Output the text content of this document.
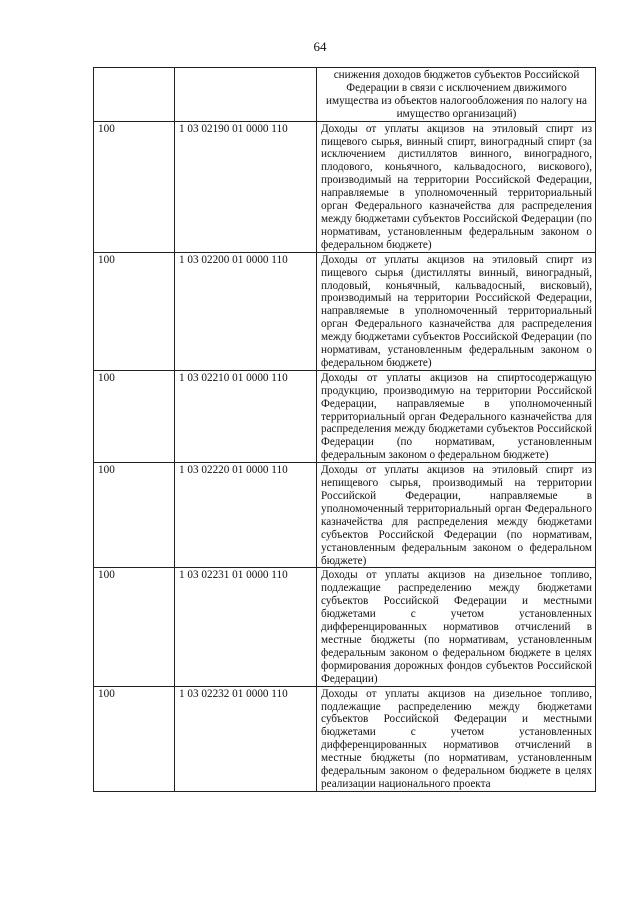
64
		снижения доходов бюджетов субъектов Российской Федерации в связи с исключением движимого имущества из объектов налогообложения по налогу на имущество организаций)
100	1 03 02190 01 0000 110	Доходы от уплаты акцизов на этиловый спирт из пищевого сырья, винный спирт, виноградный спирт (за исключением дистиллятов винного, виноградного, плодового, коньячного, кальвадосного, вискового), производимый на территории Российской Федерации, направляемые в уполномоченный территориальный орган Федерального казначейства для распределения между бюджетами субъектов Российской Федерации (по нормативам, установленным федеральным законом о федеральном бюджете)
100	1 03 02200 01 0000 110	Доходы от уплаты акцизов на этиловый спирт из пищевого сырья (дистилляты винный, виноградный, плодовый, коньячный, кальвадосный, висковый), производимый на территории Российской Федерации, направляемые в уполномоченный территориальный орган Федерального казначейства для распределения между бюджетами субъектов Российской Федерации (по нормативам, установленным федеральным законом о федеральном бюджете)
100	1 03 02210 01 0000 110	Доходы от уплаты акцизов на спиртосодержащую продукцию, производимую на территории Российской Федерации, направляемые в уполномоченный территориальный орган Федерального казначейства для распределения между бюджетами субъектов Российской Федерации (по нормативам, установленным федеральным законом о федеральном бюджете)
100	1 03 02220 01 0000 110	Доходы от уплаты акцизов на этиловый спирт из непищевого сырья, производимый на территории Российской Федерации, направляемые в уполномоченный территориальный орган Федерального казначейства для распределения между бюджетами субъектов Российской Федерации (по нормативам, установленным федеральным законом о федеральном бюджете)
100	1 03 02231 01 0000 110	Доходы от уплаты акцизов на дизельное топливо, подлежащие распределению между бюджетами субъектов Российской Федерации и местными бюджетами с учетом установленных дифференцированных нормативов отчислений в местные бюджеты (по нормативам, установленным федеральным законом о федеральном бюджете в целях формирования дорожных фондов субъектов Российской Федерации)
100	1 03 02232 01 0000 110	Доходы от уплаты акцизов на дизельное топливо, подлежащие распределению между бюджетами субъектов Российской Федерации и местными бюджетами с учетом установленных дифференцированных нормативов отчислений в местные бюджеты (по нормативам, установленным федеральным законом о федеральном бюджете в целях реализации национального проекта
